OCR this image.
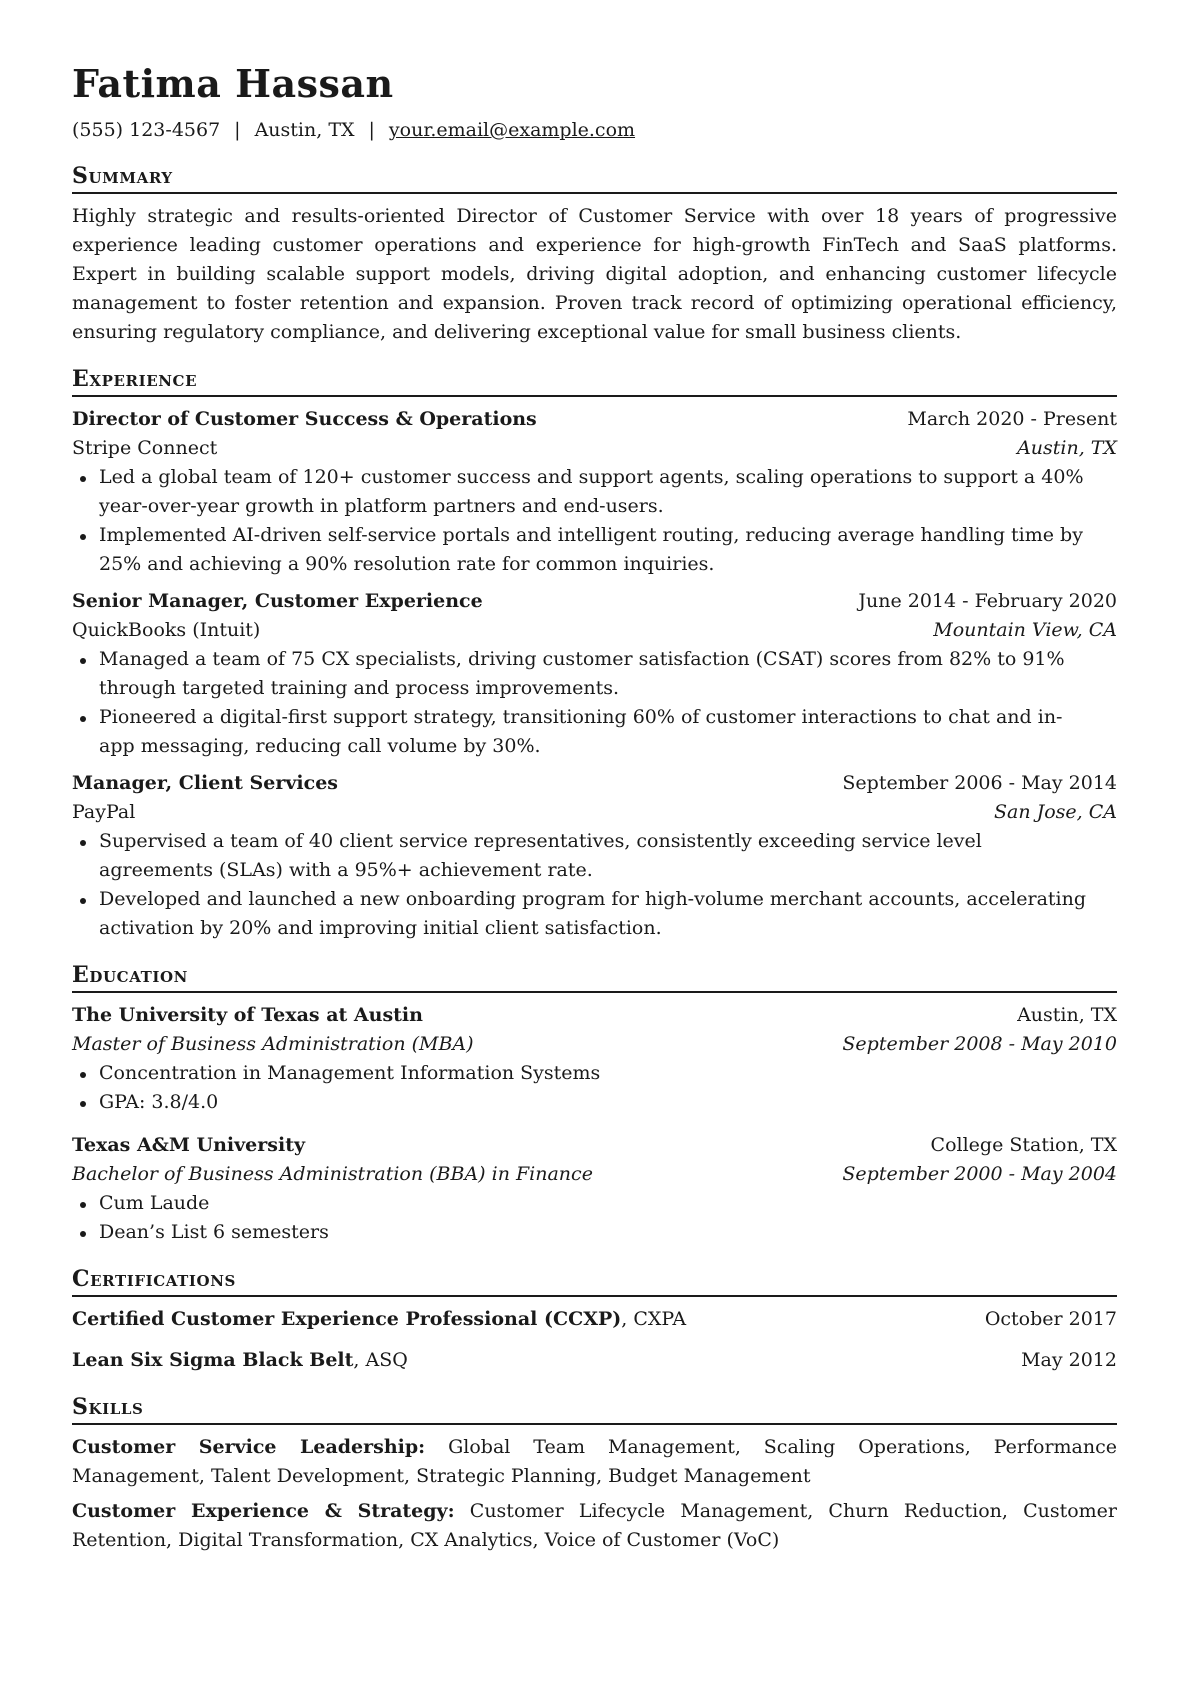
Fatima Hassan
(555) 123-4567 | Austin, TX | your.email@example.com
Summary

Highly strategic and results-oriented Director of Customer Service with over 18 years of progressive experience leading customer operations and experience for high-growth FinTech and SaaS platforms. Expert in building scalable support models, driving digital adoption, and enhancing customer lifecycle management to foster retention and expansion. Proven track record of optimizing operational efficiency, ensuring regulatory compliance, and delivering exceptional value for small business clients.

Experience
Director of Customer Success & Operations	March 2020 - Present
Stripe Connect	Austin, TX
Led a global team of 120+ customer success and support agents, scaling operations to support a 40% year-over-year growth in platform partners and end-users.
Implemented AI-driven self-service portals and intelligent routing, reducing average handling time by 25% and achieving a 90% resolution rate for common inquiries.
Senior Manager, Customer Experience	June 2014 - February 2020
QuickBooks (Intuit)	Mountain View, CA
Managed a team of 75 CX specialists, driving customer satisfaction (CSAT) scores from 82% to 91% through targeted training and process improvements.
Pioneered a digital-first support strategy, transitioning 60% of customer interactions to chat and in-app messaging, reducing call volume by 30%.
Manager, Client Services	September 2006 - May 2014
PayPal	San Jose, CA
Supervised a team of 40 client service representatives, consistently exceeding service level agreements (SLAs) with a 95%+ achievement rate.
Developed and launched a new onboarding program for high-volume merchant accounts, accelerating activation by 20% and improving initial client satisfaction.
Education
The University of Texas at Austin	Austin, TX
Master of Business Administration (MBA)	September 2008 - May 2010
Concentration in Management Information Systems
GPA: 3.8/4.0
Texas A&M University	College Station, TX
Bachelor of Business Administration (BBA) in Finance	September 2000 - May 2004
Cum Laude
Dean’s List 6 semesters
Certifications
Certified Customer Experience Professional (CCXP), CXPA	October 2017
Lean Six Sigma Black Belt, ASQ	May 2012
Skills

Customer Service Leadership: Global Team Management, Scaling Operations, Performance Management, Talent Development, Strategic Planning, Budget Management

Customer Experience & Strategy: Customer Lifecycle Management, Churn Reduction, Customer Retention, Digital Transformation, CX Analytics, Voice of Customer (VoC)
